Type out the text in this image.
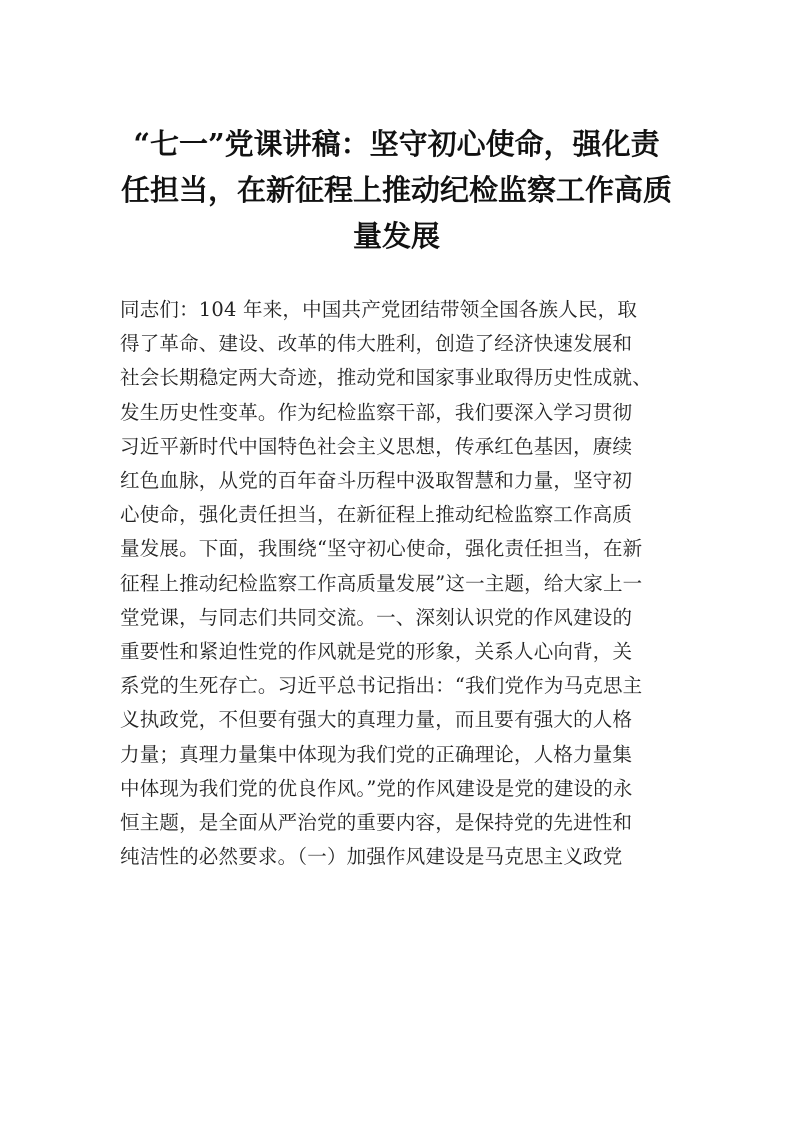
“七一”党课讲稿：坚守初心使命，强化责
任担当，在新征程上推动纪检监察工作高质
量发展
同志们：104 年来，中国共产党团结带领全国各族人民，取
得了革命、建设、改革的伟大胜利，创造了经济快速发展和
社会长期稳定两大奇迹，推动党和国家事业取得历史性成就、
发生历史性变革。作为纪检监察干部，我们要深入学习贯彻
习近平新时代中国特色社会主义思想，传承红色基因，赓续
红色血脉，从党的百年奋斗历程中汲取智慧和力量，坚守初
心使命，强化责任担当，在新征程上推动纪检监察工作高质
量发展。下面，我围绕“坚守初心使命，强化责任担当，在新
征程上推动纪检监察工作高质量发展”这一主题，给大家上一
堂党课，与同志们共同交流。一、深刻认识党的作风建设的
重要性和紧迫性党的作风就是党的形象，关系人心向背，关
系党的生死存亡。习近平总书记指出：“我们党作为马克思主
义执政党，不但要有强大的真理力量，而且要有强大的人格
力量；真理力量集中体现为我们党的正确理论，人格力量集
中体现为我们党的优良作风。”党的作风建设是党的建设的永
恒主题，是全面从严治党的重要内容，是保持党的先进性和
纯洁性的必然要求。（一）加强作风建设是马克思主义政党
